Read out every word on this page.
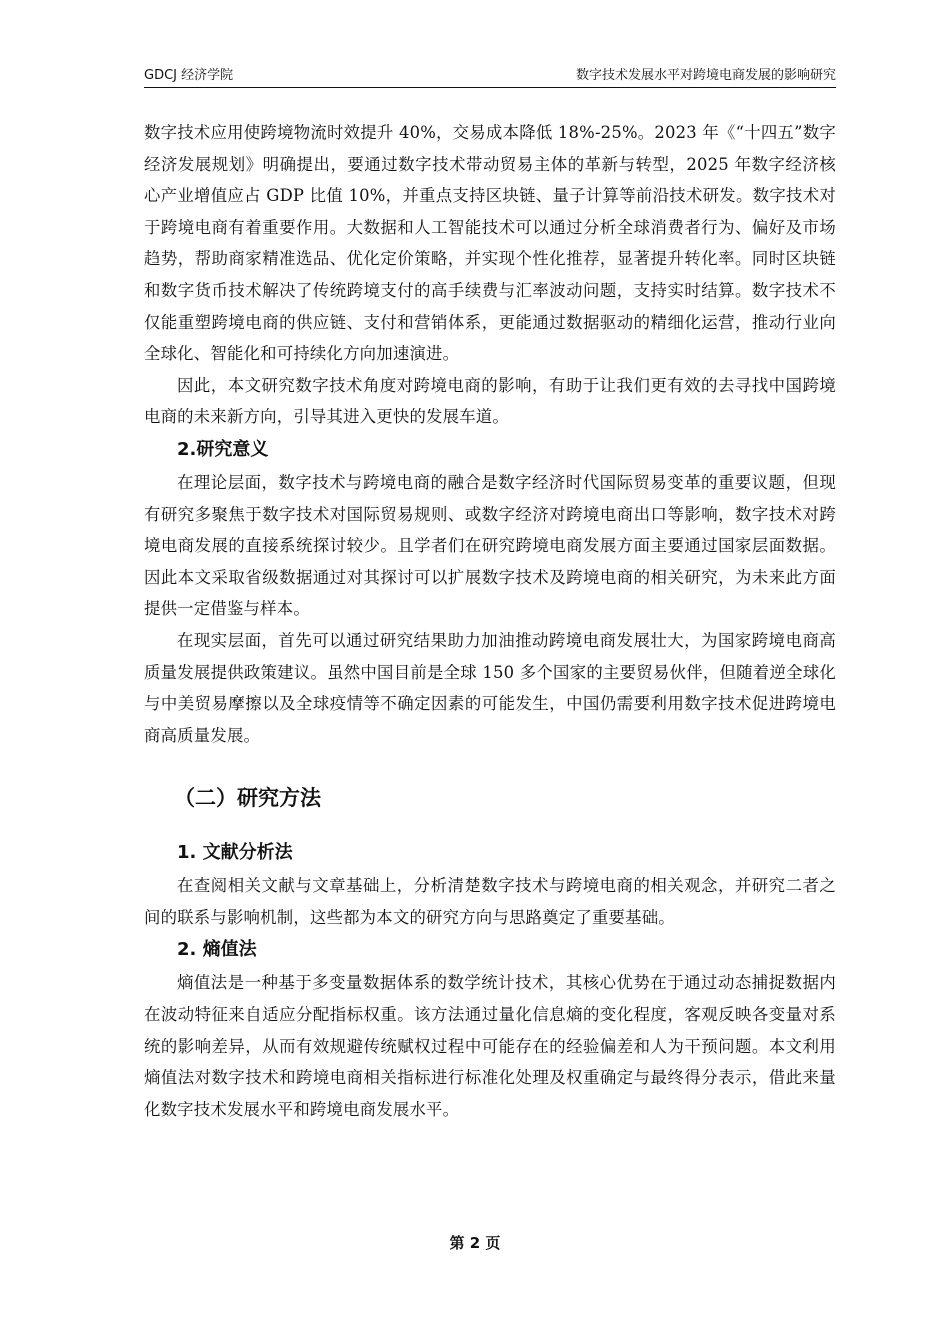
GDCJ 经济学院	数字技术发展水平对跨境电商发展的影响研究

数字技术应用使跨境物流时效提升 40%，交易成本降低 18%-25%。2023 年《“十四五”数字经济发展规划》明确提出，要通过数字技术带动贸易主体的革新与转型，2025 年数字经济核心产业增值应占 GDP 比值 10%，并重点支持区块链、量子计算等前沿技术研发。数字技术对于跨境电商有着重要作用。大数据和人工智能技术可以通过分析全球消费者行为、偏好及市场趋势，帮助商家精准选品、优化定价策略，并实现个性化推荐，显著提升转化率。同时区块链和数字货币技术解决了传统跨境支付的高手续费与汇率波动问题，支持实时结算。数字技术不仅能重塑跨境电商的供应链、支付和营销体系，更能通过数据驱动的精细化运营，推动行业向全球化、智能化和可持续化方向加速演进。

因此，本文研究数字技术角度对跨境电商的影响，有助于让我们更有效的去寻找中国跨境电商的未来新方向，引导其进入更快的发展车道。

2.研究意义

在理论层面，数字技术与跨境电商的融合是数字经济时代国际贸易变革的重要议题，但现有研究多聚焦于数字技术对国际贸易规则、或数字经济对跨境电商出口等影响，数字技术对跨境电商发展的直接系统探讨较少。且学者们在研究跨境电商发展方面主要通过国家层面数据。因此本文采取省级数据通过对其探讨可以扩展数字技术及跨境电商的相关研究，为未来此方面提供一定借鉴与样本。

在现实层面，首先可以通过研究结果助力加油推动跨境电商发展壮大，为国家跨境电商高质量发展提供政策建议。虽然中国目前是全球 150 多个国家的主要贸易伙伴，但随着逆全球化与中美贸易摩擦以及全球疫情等不确定因素的可能发生，中国仍需要利用数字技术促进跨境电商高质量发展。

（二）研究方法
1. 文献分析法

在查阅相关文献与文章基础上，分析清楚数字技术与跨境电商的相关观念，并研究二者之间的联系与影响机制，这些都为本文的研究方向与思路奠定了重要基础。

2. 熵值法

熵值法是一种基于多变量数据体系的数学统计技术，其核心优势在于通过动态捕捉数据内在波动特征来自适应分配指标权重。该方法通过量化信息熵的变化程度，客观反映各变量对系统的影响差异，从而有效规避传统赋权过程中可能存在的经验偏差和人为干预问题。本文利用熵值法对数字技术和跨境电商相关指标进行标准化处理及权重确定与最终得分表示，借此来量化数字技术发展水平和跨境电商发展水平。

第 2 页
